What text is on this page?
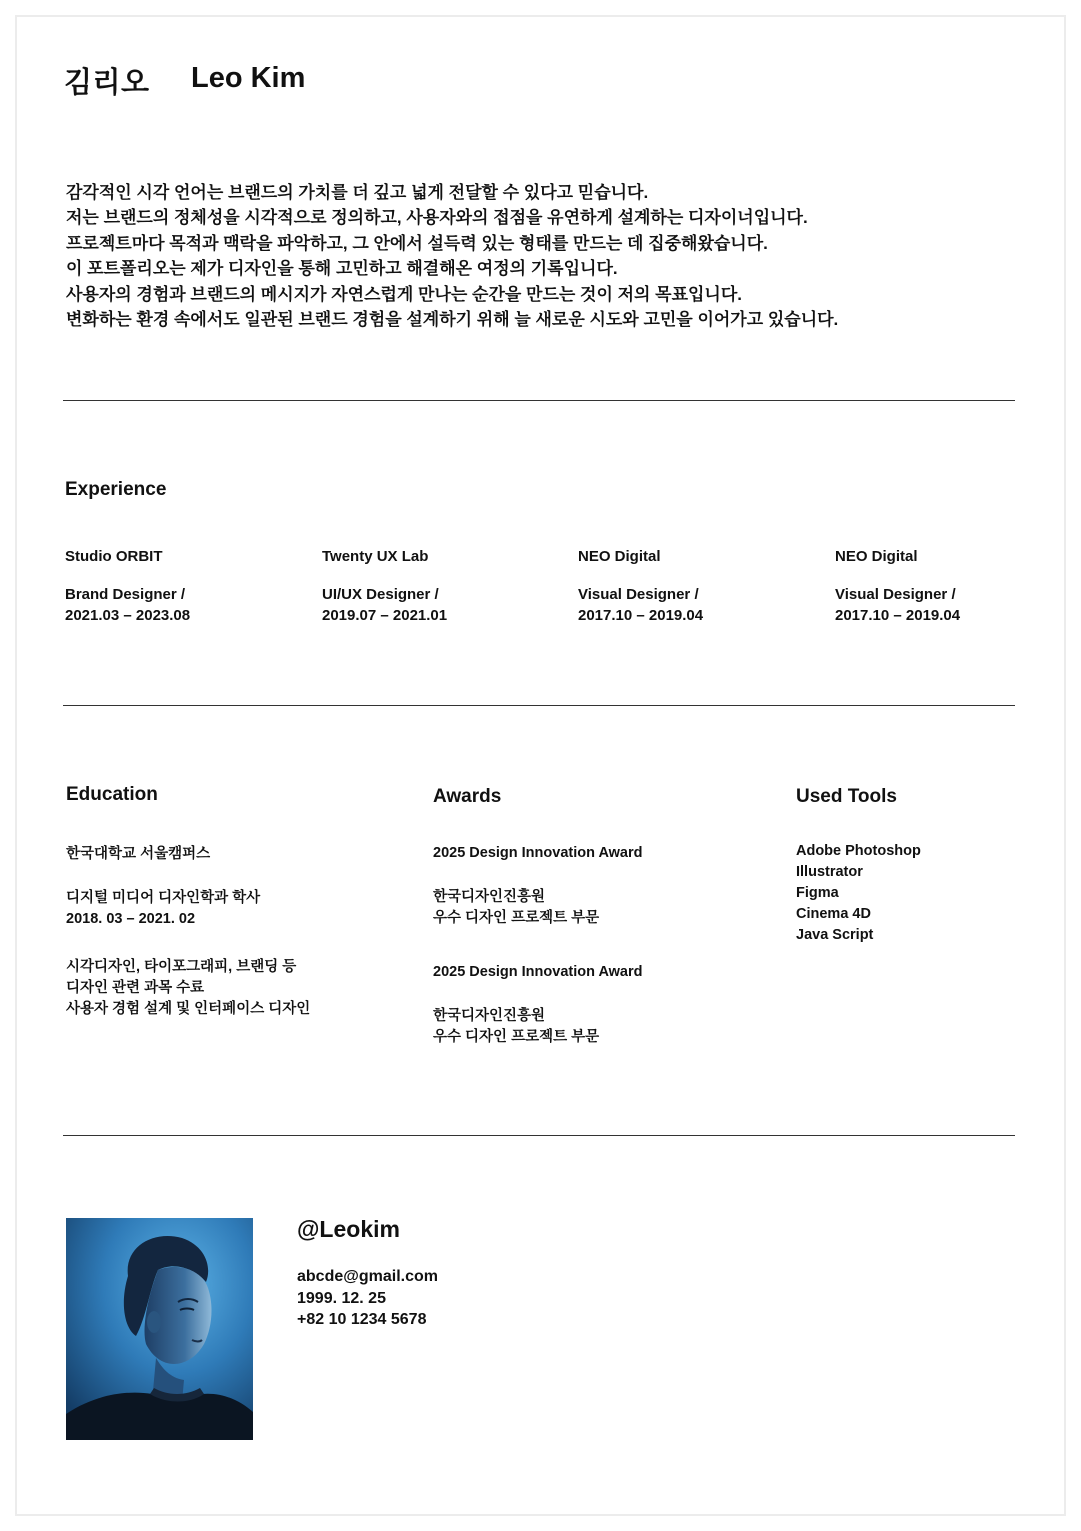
김리오 Leo Kim
감각적인 시각 언어는 브랜드의 가치를 더 깊고 넓게 전달할 수 있다고 믿습니다.
저는 브랜드의 정체성을 시각적으로 정의하고, 사용자와의 접점을 유연하게 설계하는 디자이너입니다.
프로젝트마다 목적과 맥락을 파악하고, 그 안에서 설득력 있는 형태를 만드는 데 집중해왔습니다.
이 포트폴리오는 제가 디자인을 통해 고민하고 해결해온 여정의 기록입니다.
사용자의 경험과 브랜드의 메시지가 자연스럽게 만나는 순간을 만드는 것이 저의 목표입니다.
변화하는 환경 속에서도 일관된 브랜드 경험을 설계하기 위해 늘 새로운 시도와 고민을 이어가고 있습니다.
Experience
Studio ORBIT
Brand Designer /
2021.03 – 2023.08
Twenty UX Lab
UI/UX Designer /
2019.07 – 2021.01
NEO Digital
Visual Designer /
2017.10 – 2019.04
NEO Digital
Visual Designer /
2017.10 – 2019.04
Education
한국대학교 서울캠퍼스
디지털 미디어 디자인학과 학사
2018. 03 – 2021. 02
시각디자인, 타이포그래피, 브랜딩 등
디자인 관련 과목 수료
사용자 경험 설계 및 인터페이스 디자인
Awards
2025 Design Innovation Award
한국디자인진흥원
우수 디자인 프로젝트 부문
2025 Design Innovation Award
한국디자인진흥원
우수 디자인 프로젝트 부문
Used Tools
Adobe Photoshop
Illustrator
Figma
Cinema 4D
Java Script
@Leokim
abcde@gmail.com
1999. 12. 25
+82 10 1234 5678
